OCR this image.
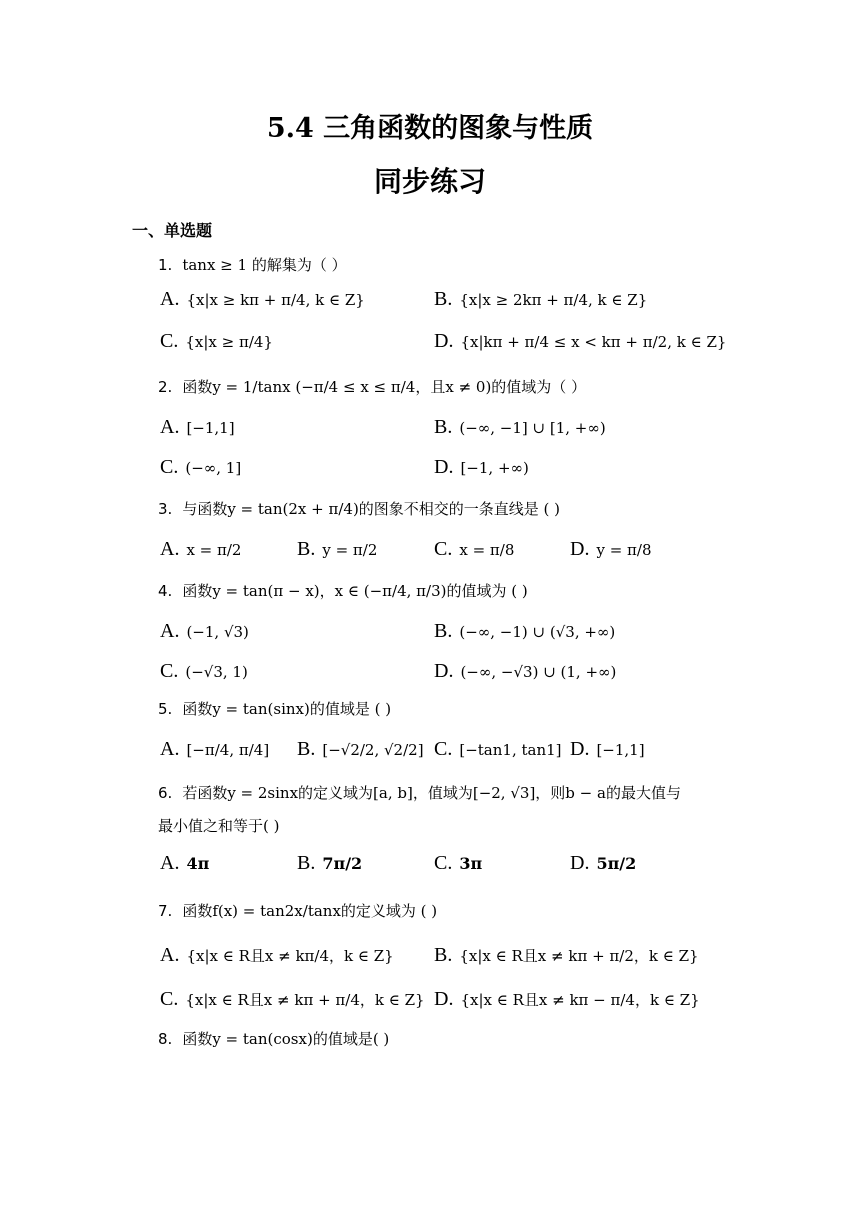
5.4 三角函数的图象与性质
同步练习
一、单选题
1. tanx ≥ 1 的解集为（ ）
A. {x|x ≥ kπ + π/4, k ∈ Z}	B. {x|x ≥ 2kπ + π/4, k ∈ Z}
C. {x|x ≥ π/4}	D. {x|kπ + π/4 ≤ x < kπ + π/2, k ∈ Z}
2. 函数y = 1/tanx (−π/4 ≤ x ≤ π/4，且x ≠ 0)的值域为（ ）
A. [−1,1]	B. (−∞, −1] ∪ [1, +∞)
C. (−∞, 1]	D. [−1, +∞)
3. 与函数y = tan(2x + π/4)的图象不相交的一条直线是 ( )
A. x = π/2	B. y = π/2	C. x = π/8	D. y = π/8
4. 函数y = tan(π − x)，x ∈ (−π/4, π/3)的值域为 ( )
A. (−1, √3)	B. (−∞, −1) ∪ (√3, +∞)
C. (−√3, 1)	D. (−∞, −√3) ∪ (1, +∞)
5. 函数y = tan(sinx)的值域是 ( )
A. [−π/4, π/4] B. [−√2/2, √2/2] C. [−tan1, tan1] D. [−1,1]
6. 若函数y = 2sinx的定义域为[a, b]，值域为[−2, √3]，则b − a的最大值与
最小值之和等于( )
A. 4π	B. 7π/2	C. 3π	D. 5π/2
7. 函数f(x) = tan2x/tanx的定义域为 ( )
A. {x|x ∈ R且x ≠ kπ/4，k ∈ Z} B. {x|x ∈ R且x ≠ kπ + π/2，k ∈ Z}
C. {x|x ∈ R且x ≠ kπ + π/4，k ∈ Z} D. {x|x ∈ R且x ≠ kπ − π/4，k ∈ Z}
8. 函数y = tan(cosx)的值域是( )
